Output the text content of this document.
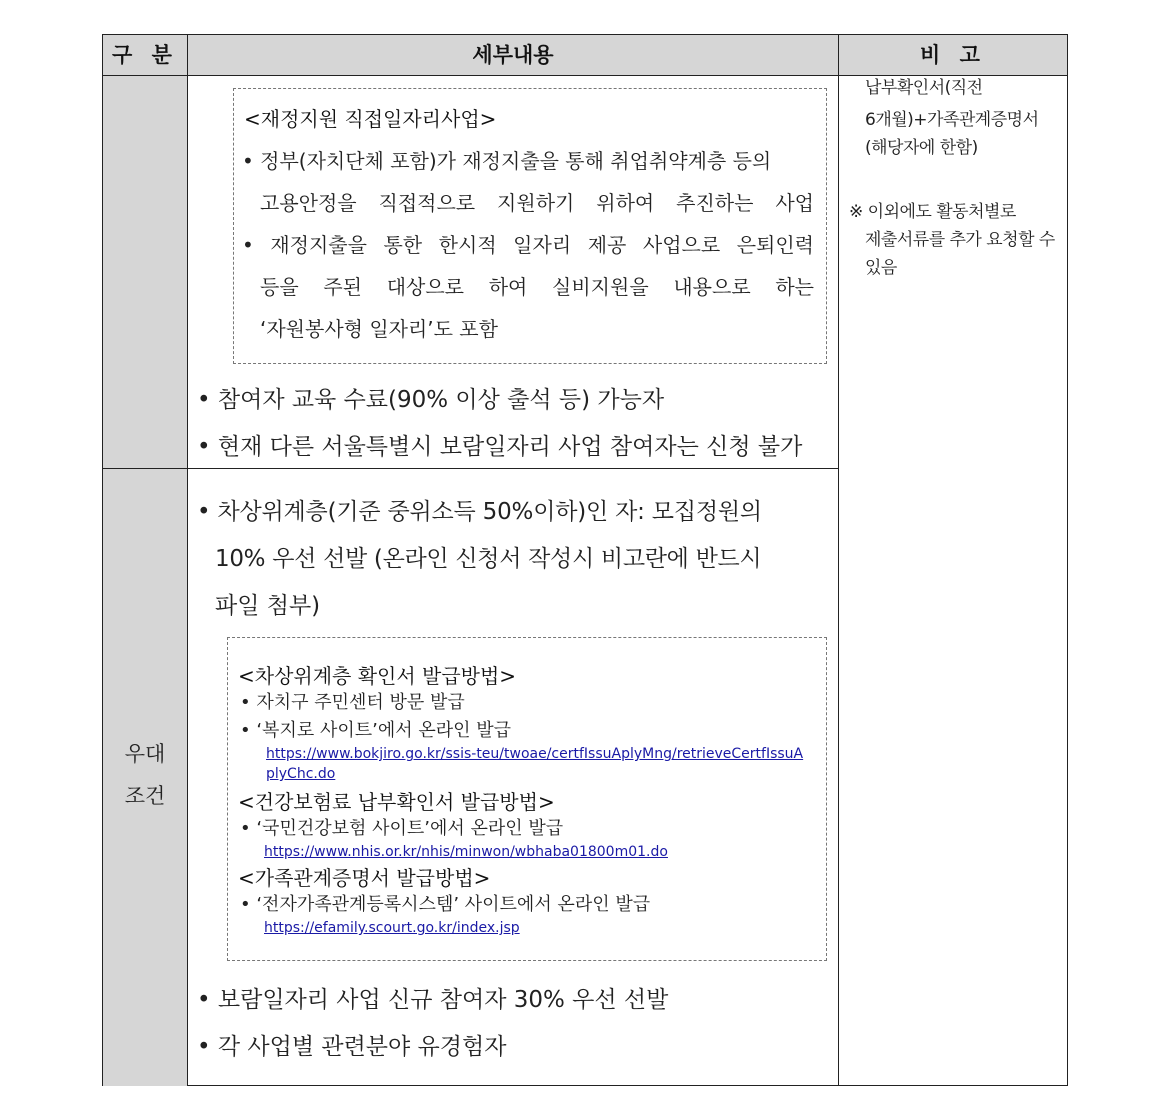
구 분	세부내용	비 고
<재정지원 직접일자리사업>
• 정부(자치단체 포함)가 재정지출을 통해 취업취약계층 등의
고용안정을 직접적으로 지원하기 위하여 추진하는 사업
• 재정지출을 통한 한시적 일자리 제공 사업으로 은퇴인력
등을 주된 대상으로 하여 실비지원을 내용으로 하는
‘자원봉사형 일자리’도 포함
• 참여자 교육 수료(90% 이상 출석 등) 가능자
• 현재 다른 서울특별시 보람일자리 사업 참여자는 신청 불가
우대
조건
• 차상위계층(기준 중위소득 50%이하)인 자: 모집정원의
10% 우선 선발 (온라인 신청서 작성시 비고란에 반드시
파일 첨부)
<차상위계층 확인서 발급방법>
• 자치구 주민센터 방문 발급
• ‘복지로 사이트’에서 온라인 발급
https://www.bokjiro.go.kr/ssis-teu/twoae/certfIssuAplyMng/retrieveCertfIssuA
plyChc.do
<건강보험료 납부확인서 발급방법>
• ‘국민건강보험 사이트’에서 온라인 발급
https://www.nhis.or.kr/nhis/minwon/wbhaba01800m01.do
<가족관계증명서 발급방법>
• ‘전자가족관계등록시스템’ 사이트에서 온라인 발급
https://efamily.scourt.go.kr/index.jsp
• 보람일자리 사업 신규 참여자 30% 우선 선발
• 각 사업별 관련분야 유경험자
납부확인서(직전
6개월)+가족관계증명서
(해당자에 한함)
※ 이외에도 활동처별로
제출서류를 추가 요청할 수
있음
